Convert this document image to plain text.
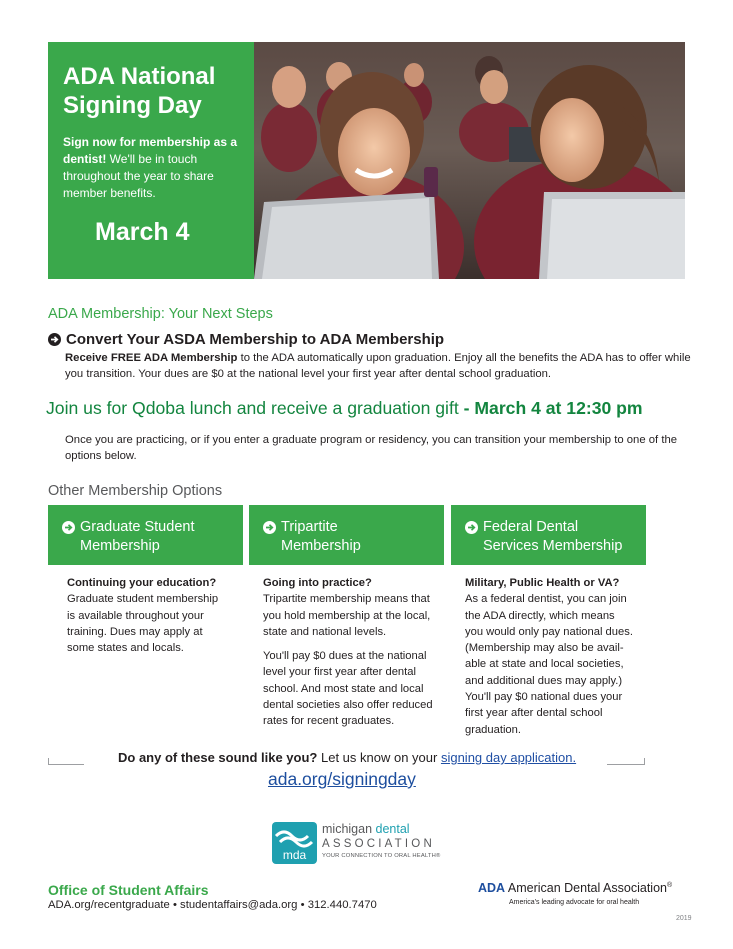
ADA National Signing Day
Sign now for membership as a dentist! We'll be in touch throughout the year to share member benefits.
March 4
ADA Membership: Your Next Steps
Convert Your ASDA Membership to ADA Membership
Receive FREE ADA Membership to the ADA automatically upon graduation. Enjoy all the benefits the ADA has to offer while you transition. Your dues are $0 at the national level your first year after dental school graduation.
Join us for Qdoba lunch and receive a graduation gift - March 4 at 12:30 pm
Once you are practicing, or if you enter a graduate program or residency, you can transition your membership to one of the options below.
Other Membership Options
Graduate Student
Membership
Tripartite
Membership
Federal Dental
Services Membership
Continuing your education?
Graduate student membership is available throughout your training. Dues may apply at some states and locals.
Going into practice?

Tripartite membership means that you hold membership at the local, state and national levels.

You'll pay $0 dues at the national level your first year after dental school. And most state and local dental societies also offer reduced rates for recent graduates.

Military, Public Health or VA?
As a federal dentist, you can join the ADA directly, which means you would only pay national dues. (Membership may also be avail-able at state and local societies, and additional dues may apply.) You'll pay $0 national dues your first year after dental school graduation.
Do any of these sound like you? Let us know on your signing day application.
ada.org/signingday
mda
michigan dental
ASSOCIATION
YOUR CONNECTION TO ORAL HEALTH®
Office of Student Affairs
ADA.org/recentgraduate • studentaffairs@ada.org • 312.440.7470
ADA American Dental Association®
America's leading advocate for oral health
2019
